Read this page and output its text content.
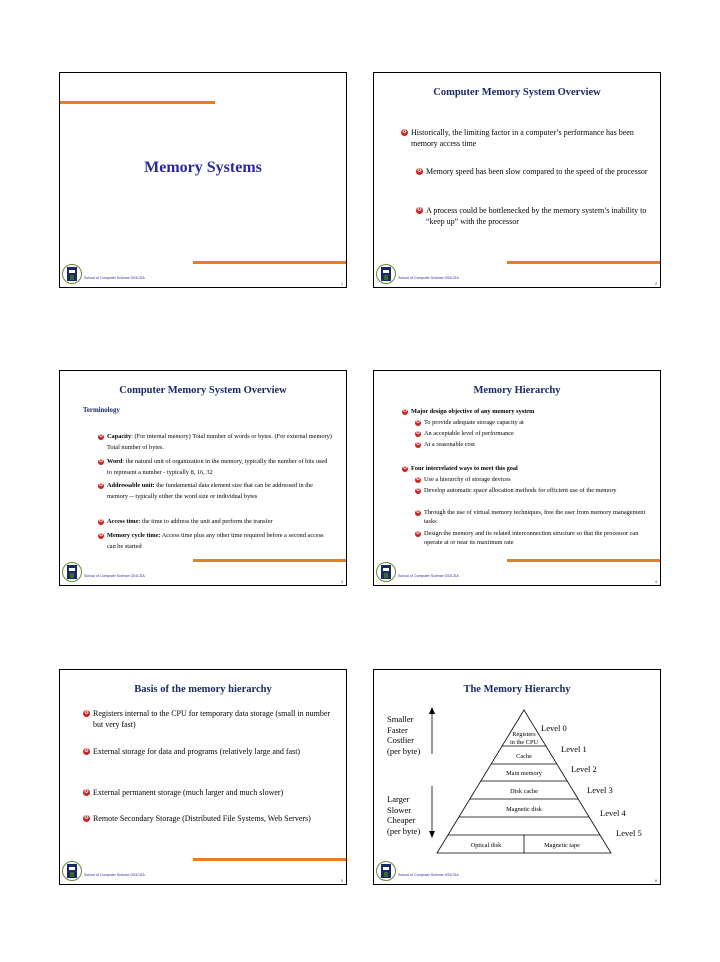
Memory Systems
School of Computer Science G51CSA
1
Computer Memory System Overview
✪ Historically, the limiting factor in a computer’s performance has been memory access time
✪ Memory speed has been slow compared to the speed of the processor
✪ A process could be bottlenecked by the memory system’s inability to “keep up” with the processor
School of Computer Science G51CSA
2
Computer Memory System Overview
Terminology
✪ Capacity: (For internal memory) Total number of words or bytes. (For external memory) Total number of bytes.
✪ Word: the natural unit of organization in the memory, typically the number of bits used to represent a number - typically 8, 16, 32
✪ Addressable unit: the fundamental data element size that can be addressed in the memory -- typically either the word size or individual bytes
✪ Access time: the time to address the unit and perform the transfer
✪ Memory cycle time: Access time plus any other time required before a second access can be started
School of Computer Science G51CSA
3
Memory Hierarchy
✪ Major design objective of any memory system
✪ To provide adequate storage capacity at
✪ An acceptable level of performance
✪ At a reasonable cost
✪ Four interrelated ways to meet this goal
✪ Use a hierarchy of storage devices
✪ Develop automatic space allocation methods for efficient use of the memory
✪ Through the use of virtual memory techniques, free the user from memory management tasks
✪ Design the memory and its related interconnection structure so that the processor can operate at or near its maximum rate
School of Computer Science G51CSA
4
Basis of the memory hierarchy
✪ Registers internal to the CPU for temporary data storage (small in number but very fast)
✪ External storage for data and programs (relatively large and fast)
✪ External permanent storage (much larger and much slower)
✪ Remote Secondary Storage (Distributed File Systems, Web Servers)
School of Computer Science G51CSA
5
The Memory Hierarchy
Smaller
Faster
Costlier
(per byte)
Larger
Slower
Cheaper
(per byte)
Registers
in the CPU
Cache
Main memory
Disk cache
Magnetic disk
Optical disk	Magnetic tape
Level 0
Level 1
Level 2
Level 3
Level 4
Level 5
School of Computer Science G51CSA
6
